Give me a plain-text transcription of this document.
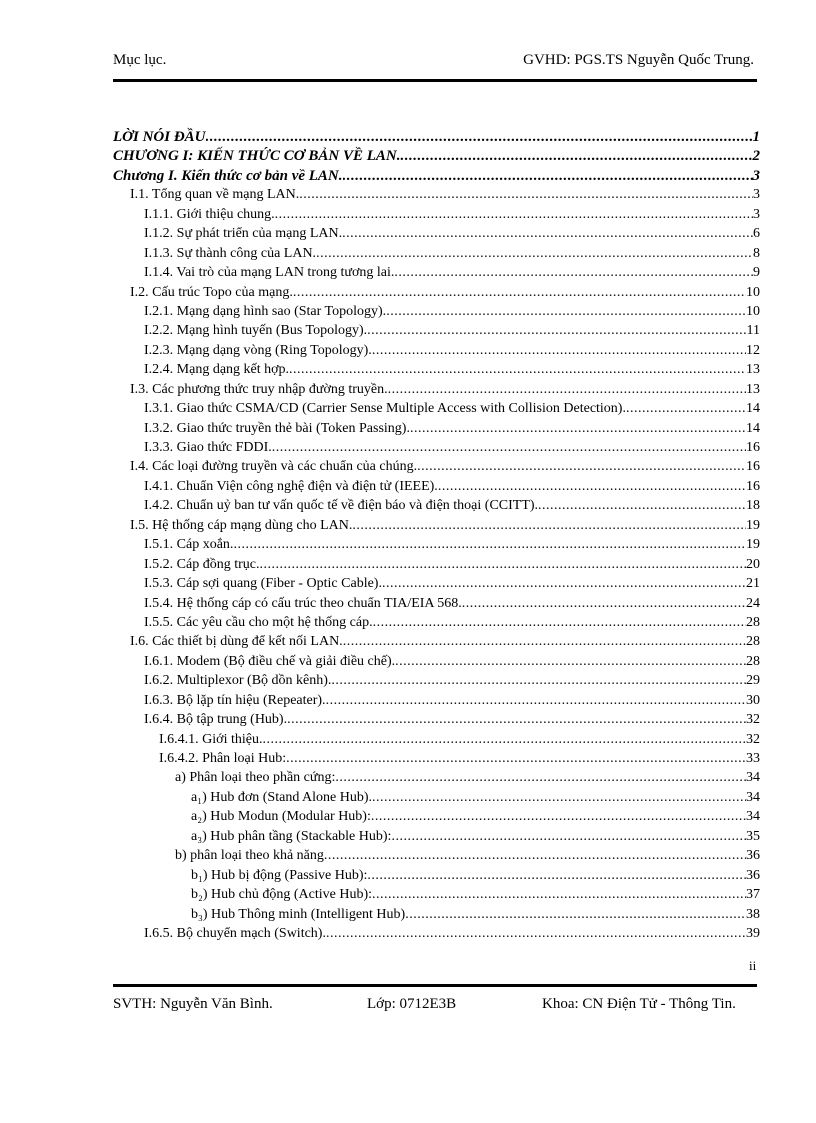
Mục lục.	GVHD: PGS.TS Nguyễn Quốc Trung.
LỜI NÓI ĐẦU .....	1
CHƯƠNG I: KIẾN THỨC CƠ BẢN VỀ LAN. .....	2
Chương I. Kiến thức cơ bản về LAN. .....	3
I.1. Tổng quan về mạng LAN. .....	3
I.1.1. Giới thiệu chung. .....	3
I.1.2. Sự phát triển của mạng LAN. .....	6
I.1.3. Sự thành công của LAN. .....	8
I.1.4. Vai trò của mạng LAN trong tương lai. .....	9
I.2. Cấu trúc Topo của mạng. .....	10
I.2.1. Mạng dạng hình sao (Star Topology). .....	10
I.2.2. Mạng hình tuyến (Bus Topology). .....	11
I.2.3. Mạng dạng vòng (Ring Topology). .....	12
I.2.4. Mạng dạng kết hợp. .....	13
I.3. Các phương thức truy nhập đường truyền. .....	13
I.3.1. Giao thức CSMA/CD (Carrier Sense Multiple Access with Collision Detection). .....	14
I.3.2. Giao thức truyền thẻ bài (Token Passing). .....	14
I.3.3. Giao thức FDDI. .....	16
I.4. Các loại đường truyền và các chuẩn của chúng. .....	16
I.4.1. Chuẩn Viện công nghệ điện và điện tử (IEEE). .....	16
I.4.2. Chuẩn uỷ ban tư vấn quốc tế về điện báo và điện thoại (CCITT). .....	18
I.5. Hệ thống cáp mạng dùng cho LAN. .....	19
I.5.1. Cáp xoắn. .....	19
I.5.2. Cáp đồng trục. .....	20
I.5.3. Cáp sợi quang (Fiber - Optic Cable). .....	21
I.5.4. Hệ thống cáp có cấu trúc theo chuẩn TIA/EIA 568. .....	24
I.5.5. Các yêu cầu cho một hệ thống cáp. .....	28
I.6. Các thiết bị dùng để kết nối LAN. .....	28
I.6.1. Modem (Bộ điều chế và giải điều chế). .....	28
I.6.2. Multiplexor (Bộ dồn kênh). .....	29
I.6.3. Bộ lặp tín hiệu (Repeater). .....	30
I.6.4. Bộ tập trung (Hub). .....	32
I.6.4.1. Giới thiệu. .....	32
I.6.4.2. Phân loại Hub: .....	33
a) Phân loại theo phần cứng: .....	34
a₁) Hub đơn (Stand Alone Hub). .....	34
a₂) Hub Modun (Modular Hub): .....	34
a₃) Hub phân tầng (Stackable Hub): .....	35
b) phân loại theo khả năng .....	36
b₁) Hub bị động (Passive Hub): .....	36
b₂) Hub chủ động (Active Hub): .....	37
b₃) Hub Thông minh (Intelligent Hub) .....	38
I.6.5. Bộ chuyển mạch (Switch). .....	39
ii
SVTH: Nguyễn Văn Bình.	Lớp: 0712E3B	Khoa: CN Điện Tử - Thông Tin.
